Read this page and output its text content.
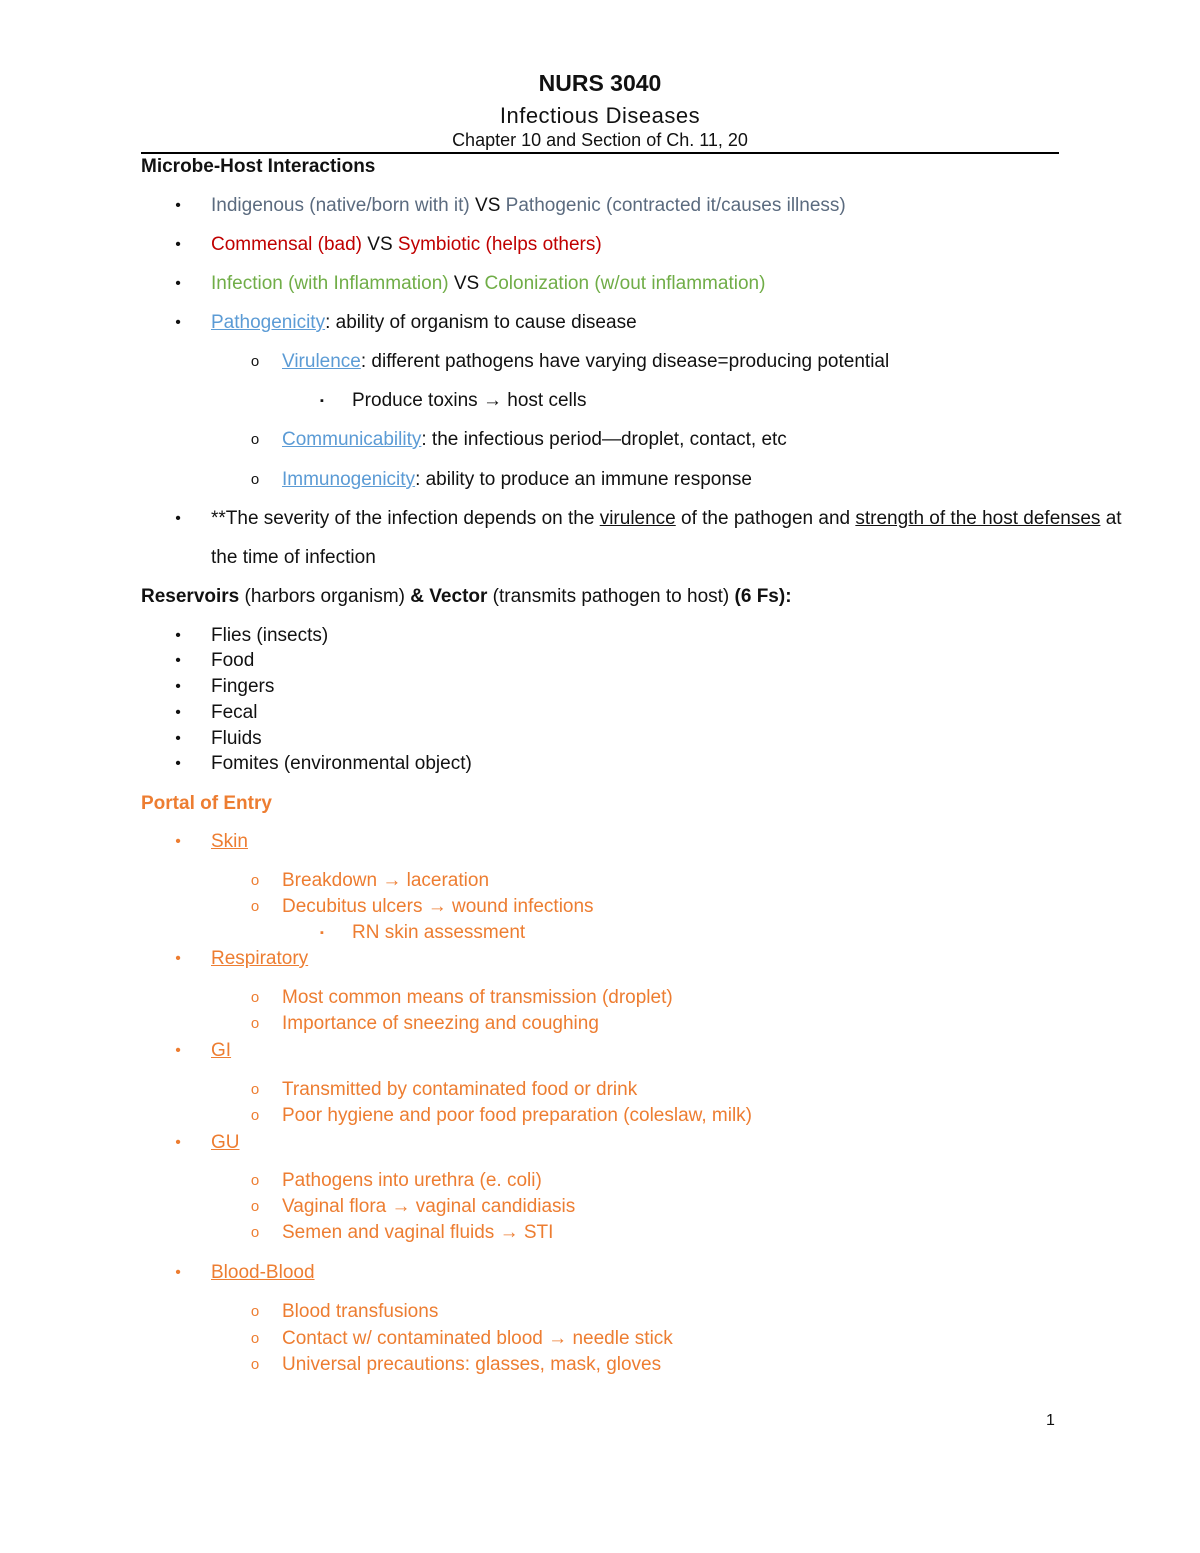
NURS 3040
Infectious Diseases
Chapter 10 and Section of Ch. 11, 20
Microbe-Host Interactions
• Indigenous (native/born with it) VS Pathogenic (contracted it/causes illness)
• Commensal (bad) VS Symbiotic (helps others)
• Infection (with Inflammation) VS Colonization (w/out inflammation)
• Pathogenicity: ability of organism to cause disease
o Virulence: different pathogens have varying disease=producing potential
▪ Produce toxins → host cells
o Communicability: the infectious period—droplet, contact, etc
o Immunogenicity: ability to produce an immune response
• **The severity of the infection depends on the virulence of the pathogen and strength of the host defenses at
the time of infection
Reservoirs (harbors organism) & Vector (transmits pathogen to host) (6 Fs):
• Flies (insects)
• Food
• Fingers
• Fecal
• Fluids
• Fomites (environmental object)
Portal of Entry
• Skin
o Breakdown → laceration
o Decubitus ulcers → wound infections
▪ RN skin assessment
• Respiratory
o Most common means of transmission (droplet)
o Importance of sneezing and coughing
• GI
o Transmitted by contaminated food or drink
o Poor hygiene and poor food preparation (coleslaw, milk)
• GU
o Pathogens into urethra (e. coli)
o Vaginal flora → vaginal candidiasis
o Semen and vaginal fluids → STI
• Blood-Blood
o Blood transfusions
o Contact w/ contaminated blood → needle stick
o Universal precautions: glasses, mask, gloves
1
